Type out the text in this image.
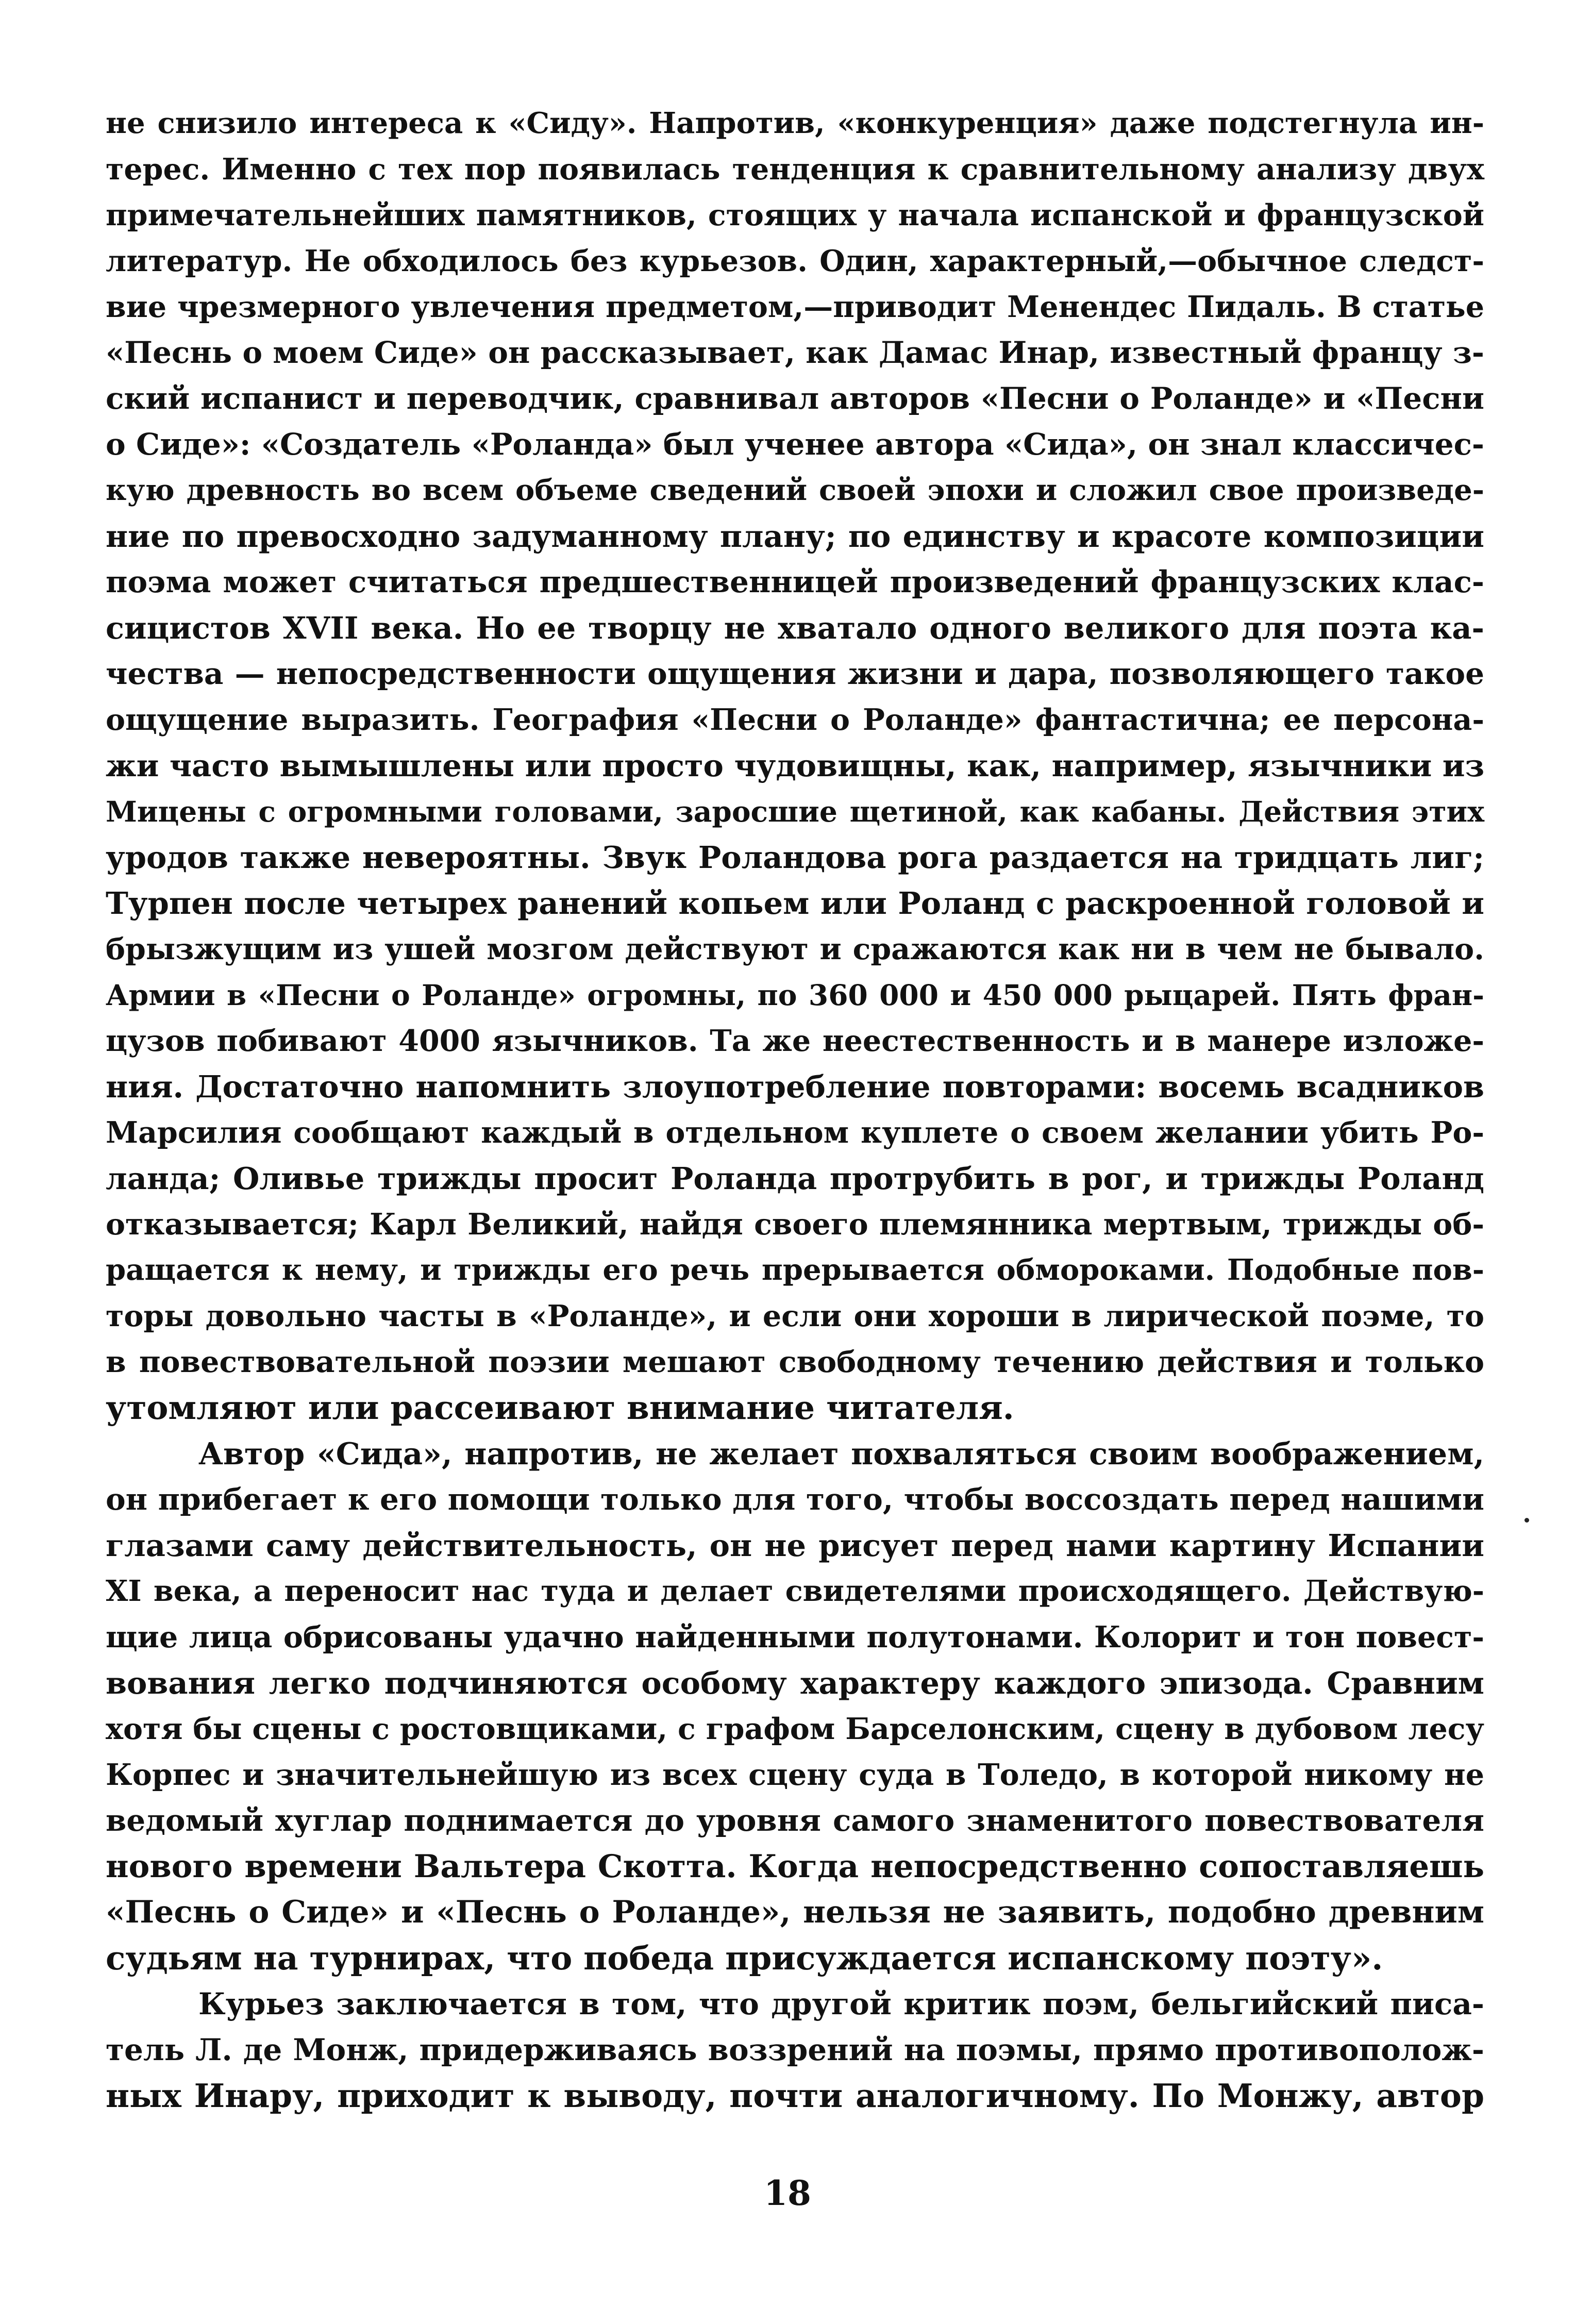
не снизило интереса к «Сиду». Напротив, «конкуренция» даже подстегнула ин-
терес. Именно с тех пор появилась тенденция к сравнительному анализу двух
примечательнейших памятников, стоящих у начала испанской и французской
литератур. Не обходилось без курьезов. Один, характерный,—обычное следст-
вие чрезмерного увлечения предметом,—приводит Менендес Пидаль. В статье
«Песнь о моем Сиде» он рассказывает, как Дамас Инар, известный францу з-
ский испанист и переводчик, сравнивал авторов «Песни о Роланде» и «Песни
о Сиде»: «Создатель «Роланда» был ученее автора «Сида», он знал классичес-
кую древность во всем объеме сведений своей эпохи и сложил свое произведе-
ние по превосходно задуманному плану; по единству и красоте композиции
поэма может считаться предшественницей произведений французских клас-
сицистов XVII века. Но ее творцу не хватало одного великого для поэта ка-
чества — непосредственности ощущения жизни и дара, позволяющего такое
ощущение выразить. География «Песни о Роланде» фантастична; ее персона-
жи часто вымышлены или просто чудовищны, как, например, язычники из
Мицены с огромными головами, заросшие щетиной, как кабаны. Действия этих
уродов также невероятны. Звук Роландова рога раздается на тридцать лиг;
Турпен после четырех ранений копьем или Роланд с раскроенной головой и
брызжущим из ушей мозгом действуют и сражаются как ни в чем не бывало.
Армии в «Песни о Роланде» огромны, по 360 000 и 450 000 рыцарей. Пять фран-
цузов побивают 4000 язычников. Та же неестественность и в манере изложе-
ния. Достаточно напомнить злоупотребление повторами: восемь всадников
Марсилия сообщают каждый в отдельном куплете о своем желании убить Ро-
ланда; Оливье трижды просит Роланда протрубить в рог, и трижды Роланд
отказывается; Карл Великий, найдя своего племянника мертвым, трижды об-
ращается к нему, и трижды его речь прерывается обмороками. Подобные пов-
торы довольно часты в «Роланде», и если они хороши в лирической поэме, то
в повествовательной поэзии мешают свободному течению действия и только
утомляют или рассеивают внимание читателя.
Автор «Сида», напротив, не желает похваляться своим воображением,
он прибегает к его помощи только для того, чтобы воссоздать перед нашими
глазами саму действительность, он не рисует перед нами картину Испании
XI века, а переносит нас туда и делает свидетелями происходящего. Действую-
щие лица обрисованы удачно найденными полутонами. Колорит и тон повест-
вования легко подчиняются особому характеру каждого эпизода. Сравним
хотя бы сцены с ростовщиками, с графом Барселонским, сцену в дубовом лесу
Корпес и значительнейшую из всех сцену суда в Толедо, в которой никому не
ведомый хуглар поднимается до уровня самого знаменитого повествователя
нового времени Вальтера Скотта. Когда непосредственно сопоставляешь
«Песнь о Сиде» и «Песнь о Роланде», нельзя не заявить, подобно древним
судьям на турнирах, что победа присуждается испанскому поэту».
Курьез заключается в том, что другой критик поэм, бельгийский писа-
тель Л. де Монж, придерживаясь воззрений на поэмы, прямо противополож-
ных Инару, приходит к выводу, почти аналогичному. По Монжу, автор
18
